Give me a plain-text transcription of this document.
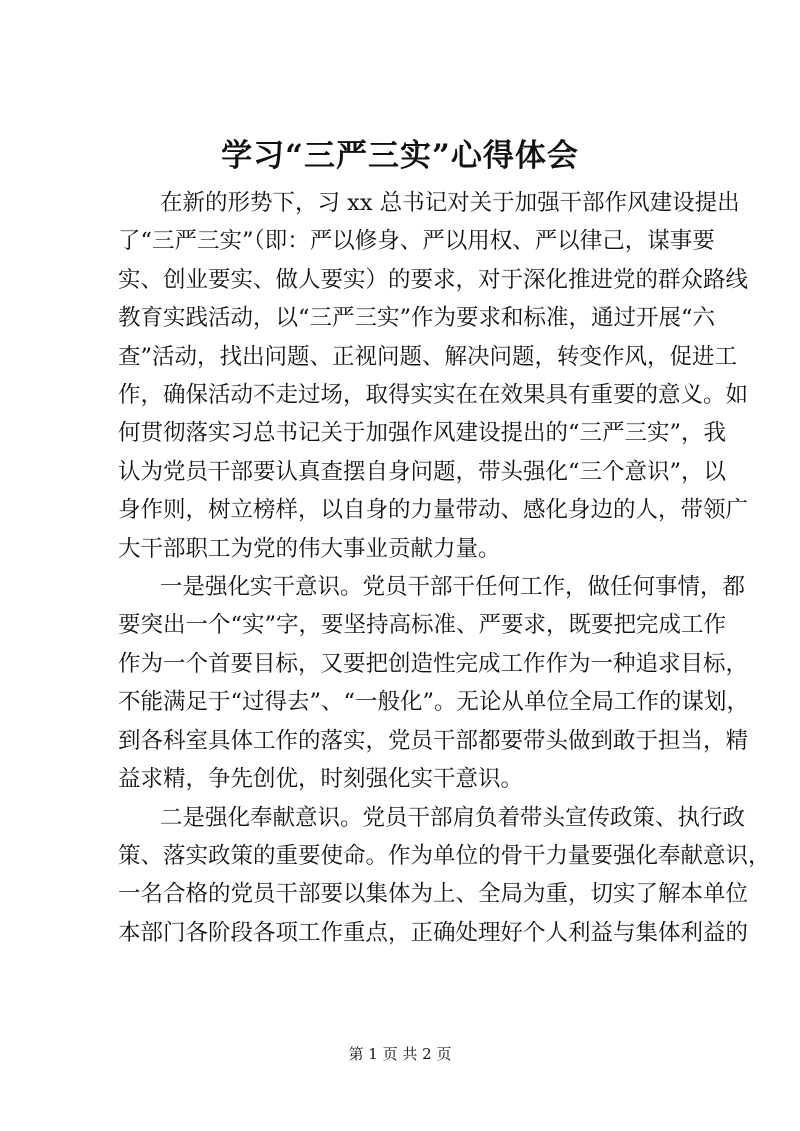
学习“三严三实”心得体会

在新的形势下，习 xx 总书记对关于加强干部作风建设提出
了“三严三实”（即：严以修身、严以用权、严以律己，谋事要
实、创业要实、做人要实）的要求，对于深化推进党的群众路线
教育实践活动，以“三严三实”作为要求和标准，通过开展“六
查”活动，找出问题、正视问题、解决问题，转变作风，促进工
作，确保活动不走过场，取得实实在在效果具有重要的意义。如
何贯彻落实习总书记关于加强作风建设提出的“三严三实”，我
认为党员干部要认真查摆自身问题，带头强化“三个意识”，以
身作则，树立榜样，以自身的力量带动、感化身边的人，带领广
大干部职工为党的伟大事业贡献力量。

一是强化实干意识。党员干部干任何工作，做任何事情，都
要突出一个“实”字，要坚持高标准、严要求，既要把完成工作
作为一个首要目标，又要把创造性完成工作作为一种追求目标，
不能满足于“过得去”、“一般化”。无论从单位全局工作的谋划，
到各科室具体工作的落实，党员干部都要带头做到敢于担当，精
益求精，争先创优，时刻强化实干意识。

二是强化奉献意识。党员干部肩负着带头宣传政策、执行政
策、落实政策的重要使命。作为单位的骨干力量要强化奉献意识，
一名合格的党员干部要以集体为上、全局为重，切实了解本单位
本部门各阶段各项工作重点，正确处理好个人利益与集体利益的

第 1 页 共 2 页
